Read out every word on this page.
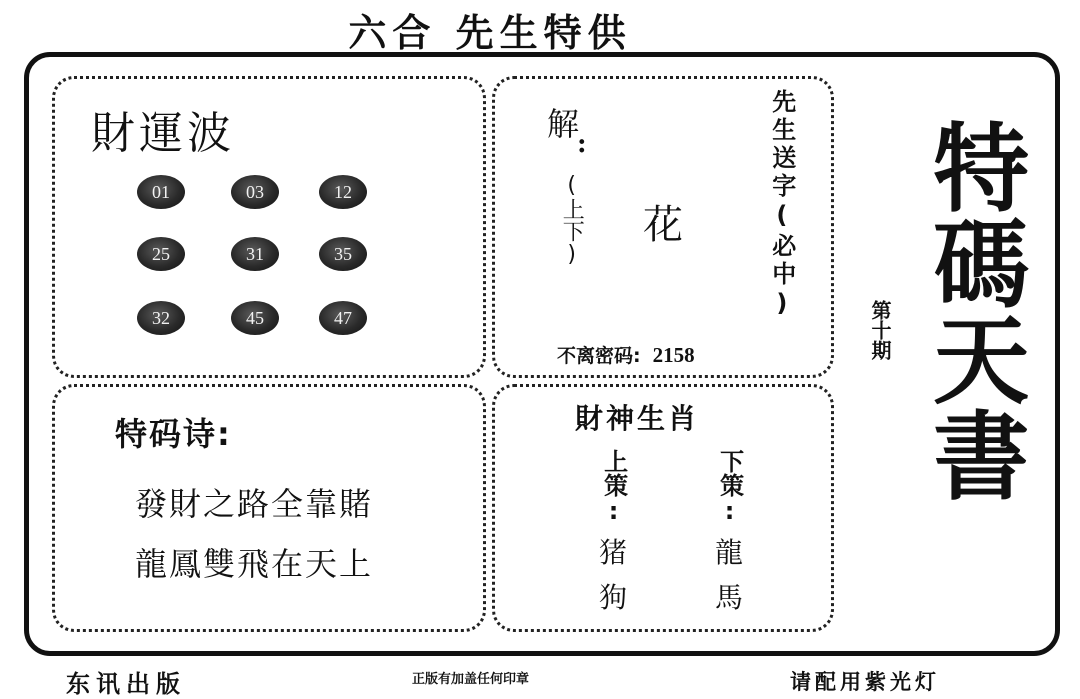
六合 先生特供
財運波
01	03	12
25	31	35
32	45	47
解
:
(上下) 花	先生送字(必中)
不离密码: 2158
特码诗:
發財之路全靠賭
龍鳳雙飛在天上
財神生肖
上策:
猪
狗
下策:
龍
馬
第十期 特碼天書
东讯出版	正版有加盖任何印章	请配用紫光灯
